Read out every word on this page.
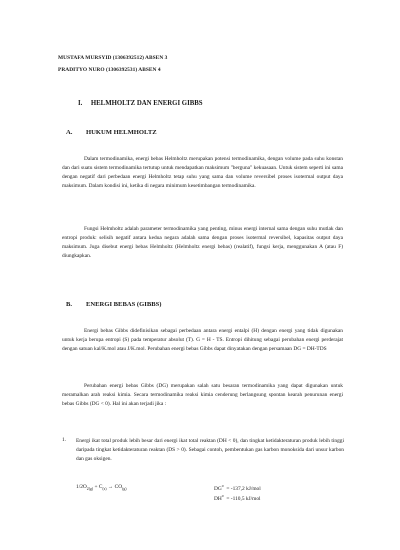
MUSTAFA MURSYID (1306392512) ABSEN 3
PRADITYO NURO (1306392531) ABSEN 4
I.     HELMHOLTZ DAN ENERGI GIBBS
A. HUKUM HELMHOLTZ
Dalam termodinamika, energi bebas Helmholtz merupakan potensi termodinamika, dengan volume pada suhu konstan dan dari suatu sistem termodinamika tertutup untuk mendapatkan maksimum "berguna" kekuasaan. Untuk sistem seperti ini sama dengan negatif dari perbedaan energi Helmholtz tetap suhu yang sama dan volume reversibel proses isotermal output daya maksimum. Dalam kondisi ini, ketika di negara minimum kesetimbangan termodinamika.
Fungsi Helmholtz adalah parameter termodinamika yang penting, minus energi internal sama dengan suhu mutlak dan entropi produk: selisih negatif antara kedua negara adalah sama dengan proses isotermal reversibel, kapasitas output daya maksimum. Juga disebut energi bebas Helmholtz (Helmholtz energi bebas) (realatif), fungsi kerja, menggunakan A (atau F) diungkapkan.
B. ENERGI BEBAS (GIBBS)
Energi bebas Gibbs didefinisikan sebagai perbedaan antara energi entalpi (H) dengan energi yang tidak digunakan untuk kerja berupa entropi (S) pada temperatur absolut (T). G = H - TS. Entropi dihitung sebagai perubahan energi perderajat dengan satuan kal/K.mol atau J/K.mol. Perubahan energi bebas Gibbs dapat dinyatakan dengan persamaan DG = DH-TDS
Perubahan energi bebas Gibbs (DG) merupakan salah satu besaran termodinamika yang dapat digunakan untuk meramalkan arah reaksi kimia. Secara termodinamika reaksi kimia cenderung berlangsung spontan kearah penurunan energi bebas Gibbs (DG < 0). Hal ini akan terjadi jika :
1. Energi ikat total produk lebih besar dari energi ikat total reaktan (DH < 0), dan tingkat ketidakteraturan produk lebih tinggi daripada tingkat ketidakteraturan reaktan (DS > 0). Sebagai contoh, pembentukan gas karbon monoksida dari unsur karbon dan gas oksigen.
$1/2O_{2(g)} + C_{(s)} \to CO_{(g)}$	$DG^o = -137,2$ kJ/mol
$DH^o = -110,5$ kJ/mol
